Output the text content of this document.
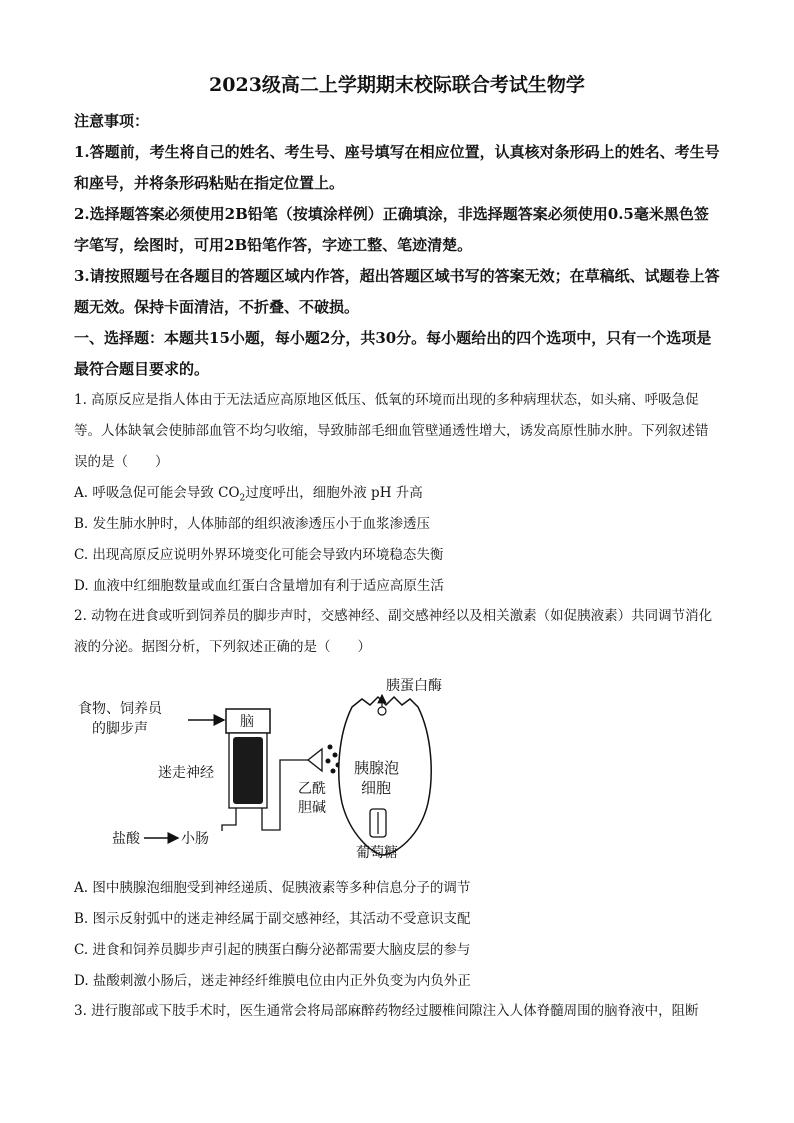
2023级高二上学期期末校际联合考试生物学
注意事项：
1.答题前，考生将自己的姓名、考生号、座号填写在相应位置，认真核对条形码上的姓名、考生号和座号，并将条形码粘贴在指定位置上。
2.选择题答案必须使用2B铅笔（按填涂样例）正确填涂，非选择题答案必须使用0.5毫米黑色签字笔写，绘图时，可用2B铅笔作答，字迹工整、笔迹清楚。
3.请按照题号在各题目的答题区域内作答，超出答题区域书写的答案无效；在草稿纸、试题卷上答题无效。保持卡面清洁，不折叠、不破损。
一、选择题：本题共15小题，每小题2分，共30分。每小题给出的四个选项中，只有一个选项是最符合题目要求的。
1. 高原反应是指人体由于无法适应高原地区低压、低氧的环境而出现的多种病理状态，如头痛、呼吸急促等。人体缺氧会使肺部血管不均匀收缩，导致肺部毛细血管壁通透性增大，诱发高原性肺水肿。下列叙述错误的是（　　）
A. 呼吸急促可能会导致 $CO_2$过度呼出，细胞外液 pH 升高
B. 发生肺水肿时，人体肺部的组织液渗透压小于血浆渗透压
C. 出现高原反应说明外界环境变化可能会导致内环境稳态失衡
D. 血液中红细胞数量或血红蛋白含量增加有利于适应高原生活
2. 动物在进食或听到饲养员的脚步声时，交感神经、副交感神经以及相关激素（如促胰液素）共同调节消化液的分泌。据图分析，下列叙述正确的是（　　）
食物、饲养员
的脚步声	脑
迷走神经
盐酸	小肠
乙酰
胆碱
胰蛋白酶
胰腺泡
细胞
葡萄糖
A. 图中胰腺泡细胞受到神经递质、促胰液素等多种信息分子的调节
B. 图示反射弧中的迷走神经属于副交感神经，其活动不受意识支配
C. 进食和饲养员脚步声引起的胰蛋白酶分泌都需要大脑皮层的参与
D. 盐酸刺激小肠后，迷走神经纤维膜电位由内正外负变为内负外正
3. 进行腹部或下肢手术时，医生通常会将局部麻醉药物经过腰椎间隙注入人体脊髓周围的脑脊液中，阻断
